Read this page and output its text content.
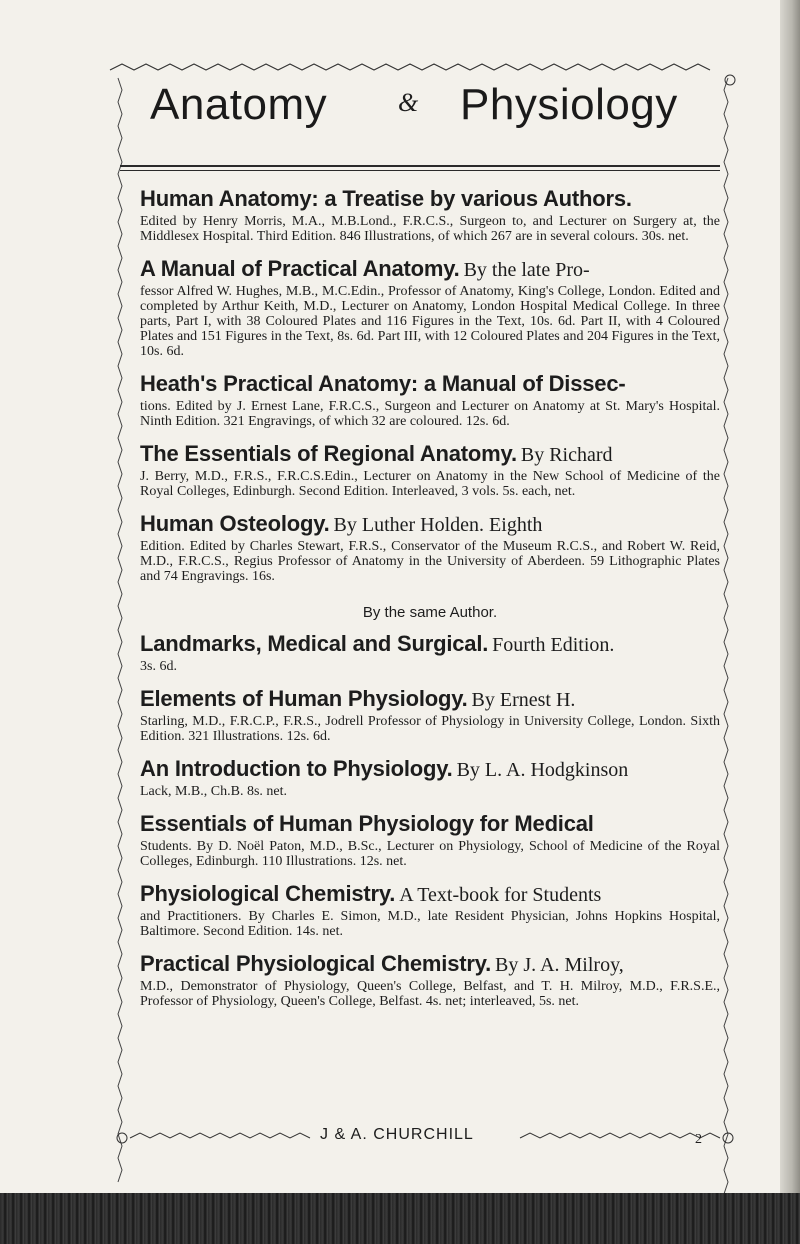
Anatomy	& Physiology
Human Anatomy: a Treatise by various Authors.
Edited by Henry Morris, M.A., M.B.Lond., F.R.C.S., Surgeon to, and Lecturer on Surgery at, the Middlesex Hospital. Third Edition. 846 Illustrations, of which 267 are in several colours. 30s. net.
A Manual of Practical Anatomy. By the late Pro-
fessor Alfred W. Hughes, M.B., M.C.Edin., Professor of Anatomy, King's College, London. Edited and completed by Arthur Keith, M.D., Lecturer on Anatomy, London Hospital Medical College. In three parts, Part I, with 38 Coloured Plates and 116 Figures in the Text, 10s. 6d. Part II, with 4 Coloured Plates and 151 Figures in the Text, 8s. 6d. Part III, with 12 Coloured Plates and 204 Figures in the Text, 10s. 6d.
Heath's Practical Anatomy: a Manual of Dissec-
tions. Edited by J. Ernest Lane, F.R.C.S., Surgeon and Lecturer on Anatomy at St. Mary's Hospital. Ninth Edition. 321 Engravings, of which 32 are coloured. 12s. 6d.
The Essentials of Regional Anatomy. By Richard
J. Berry, M.D., F.R.S., F.R.C.S.Edin., Lecturer on Anatomy in the New School of Medicine of the Royal Colleges, Edinburgh. Second Edition. Interleaved, 3 vols. 5s. each, net.
Human Osteology. By Luther Holden. Eighth
Edition. Edited by Charles Stewart, F.R.S., Conservator of the Museum R.C.S., and Robert W. Reid, M.D., F.R.C.S., Regius Professor of Anatomy in the University of Aberdeen. 59 Lithographic Plates and 74 Engravings. 16s.
By the same Author.
Landmarks, Medical and Surgical. Fourth Edition.
3s. 6d.
Elements of Human Physiology. By Ernest H.
Starling, M.D., F.R.C.P., F.R.S., Jodrell Professor of Physiology in University College, London. Sixth Edition. 321 Illustrations. 12s. 6d.
An Introduction to Physiology. By L. A. Hodgkinson
Lack, M.B., Ch.B. 8s. net.
Essentials of Human Physiology for Medical
Students. By D. Noël Paton, M.D., B.Sc., Lecturer on Physiology, School of Medicine of the Royal Colleges, Edinburgh. 110 Illustrations. 12s. net.
Physiological Chemistry. A Text-book for Students
and Practitioners. By Charles E. Simon, M.D., late Resident Physician, Johns Hopkins Hospital, Baltimore. Second Edition. 14s. net.
Practical Physiological Chemistry. By J. A. Milroy,
M.D., Demonstrator of Physiology, Queen's College, Belfast, and T. H. Milroy, M.D., F.R.S.E., Professor of Physiology, Queen's College, Belfast. 4s. net; interleaved, 5s. net.
J & A. CHURCHILL	2
